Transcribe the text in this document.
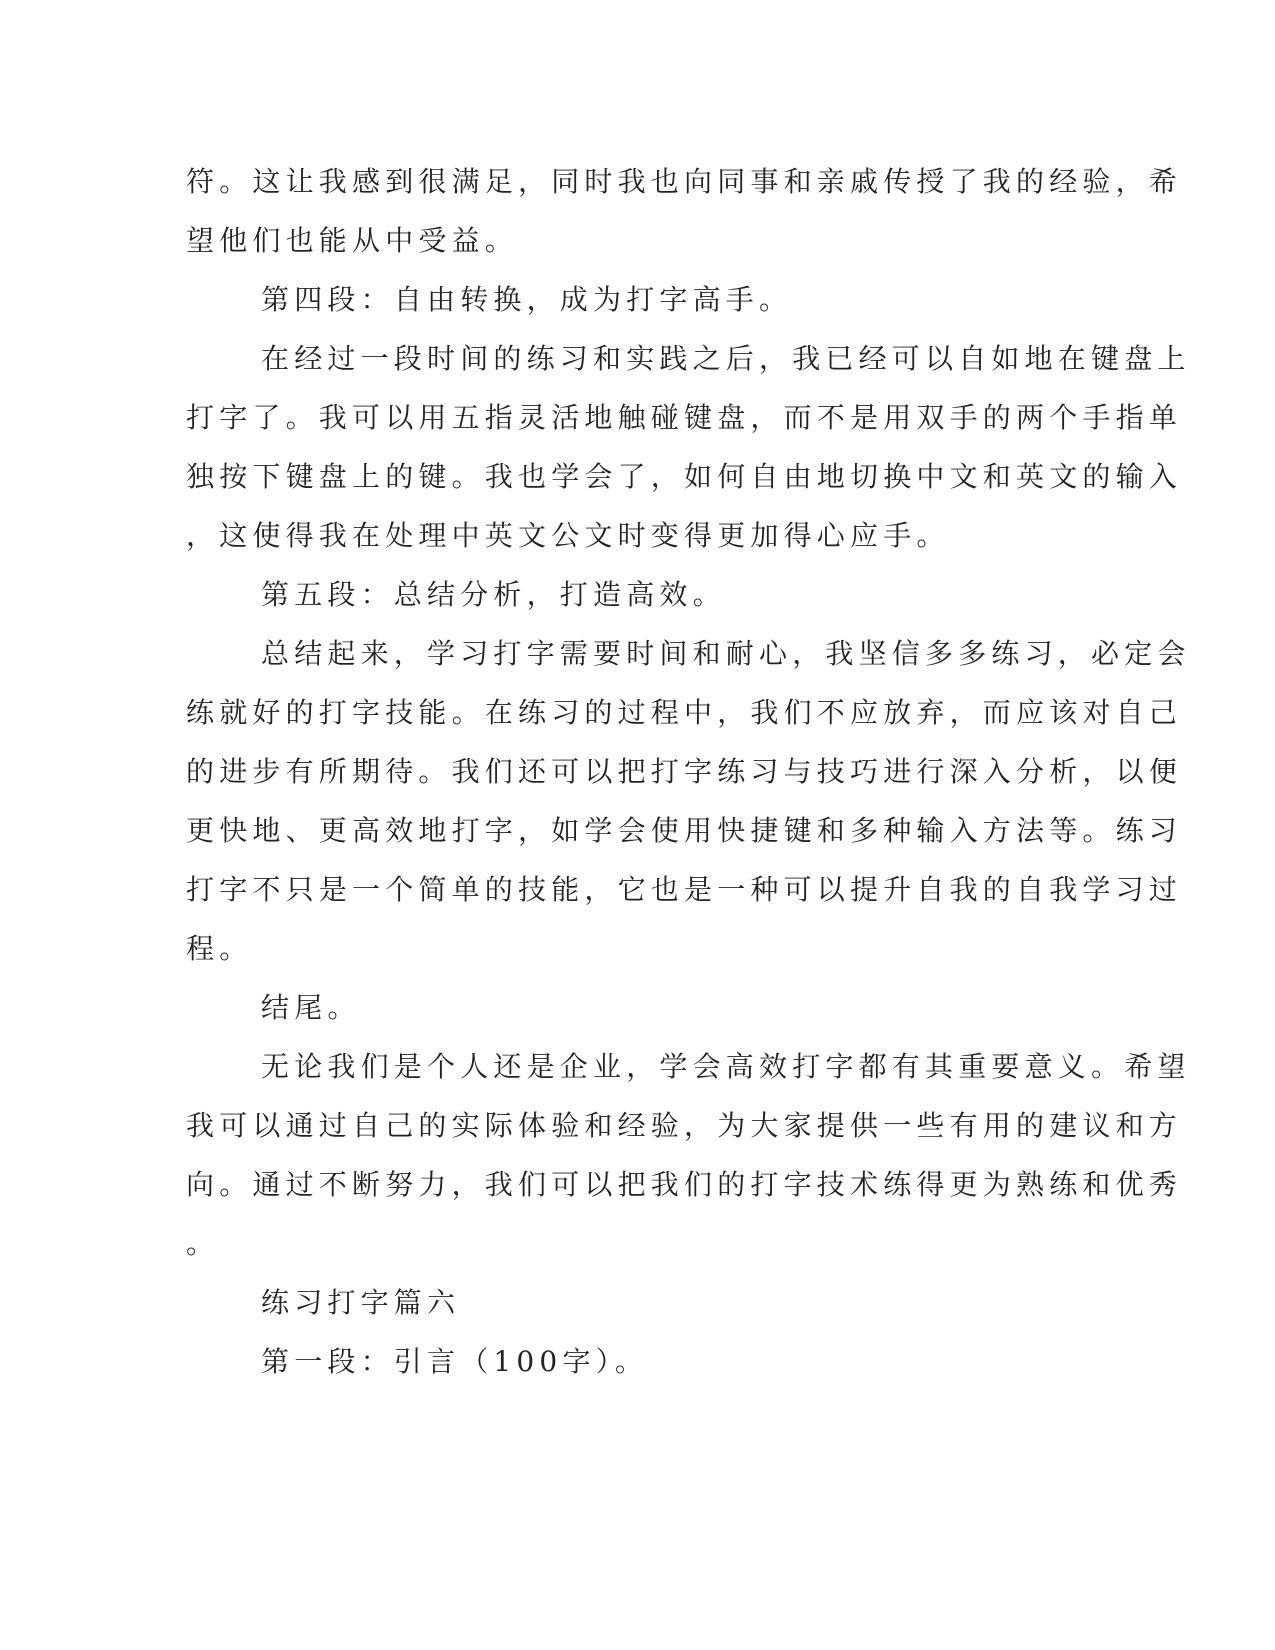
符。这让我感到很满足，同时我也向同事和亲戚传授了我的经验，希
望他们也能从中受益。
第四段：自由转换，成为打字高手。
在经过一段时间的练习和实践之后，我已经可以自如地在键盘上
打字了。我可以用五指灵活地触碰键盘，而不是用双手的两个手指单
独按下键盘上的键。我也学会了，如何自由地切换中文和英文的输入
，这使得我在处理中英文公文时变得更加得心应手。
第五段：总结分析，打造高效。
总结起来，学习打字需要时间和耐心，我坚信多多练习，必定会
练就好的打字技能。在练习的过程中，我们不应放弃，而应该对自己
的进步有所期待。我们还可以把打字练习与技巧进行深入分析，以便
更快地、更高效地打字，如学会使用快捷键和多种输入方法等。练习
打字不只是一个简单的技能，它也是一种可以提升自我的自我学习过
程。
结尾。
无论我们是个人还是企业，学会高效打字都有其重要意义。希望
我可以通过自己的实际体验和经验，为大家提供一些有用的建议和方
向。通过不断努力，我们可以把我们的打字技术练得更为熟练和优秀
。
练习打字篇六
第一段：引言（100字）。
